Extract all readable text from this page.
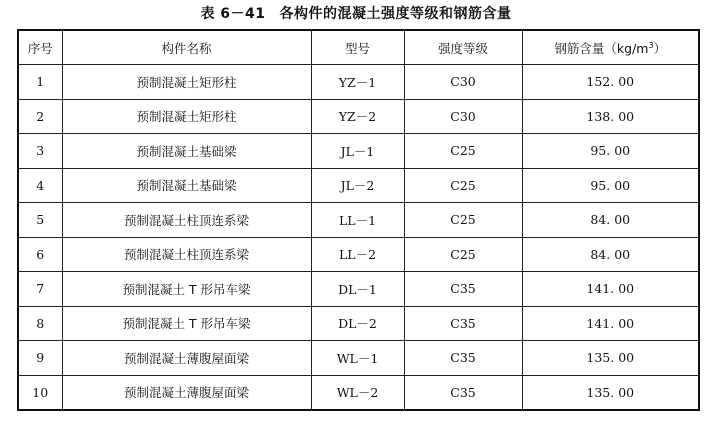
表 6－41 各构件的混凝土强度等级和钢筋含量
序号	构件名称	型号	强度等级	钢筋含量$(kg/m^3)$
1	预制混凝土矩形柱	YZ－1	C30	152. 00
2	预制混凝土矩形柱	YZ－2	C30	138. 00
3	预制混凝土基础梁	JL－1	C25	95. 00
4	预制混凝土基础梁	JL－2	C25	95. 00
5	预制混凝土柱顶连系梁	LL－1	C25	84. 00
6	预制混凝土柱顶连系梁	LL－2	C25	84. 00
7	预制混凝土 T 形吊车梁	DL－1	C35	141. 00
8	预制混凝土 T 形吊车梁	DL－2	C35	141. 00
9	预制混凝土薄腹屋面梁	WL－1	C35	135. 00
10	预制混凝土薄腹屋面梁	WL－2	C35	135. 00
